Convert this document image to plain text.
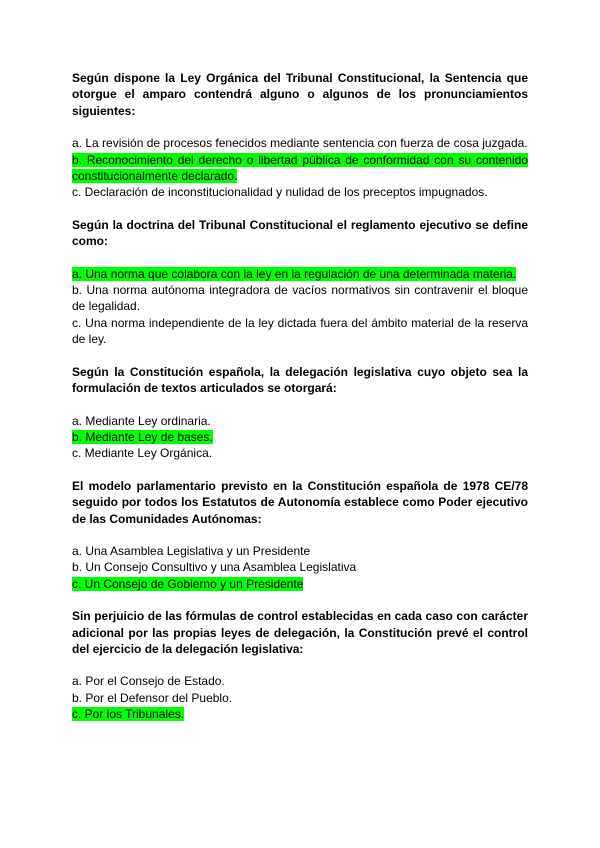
Según dispone la Ley Orgánica del Tribunal Constitucional, la Sentencia que otorgue el amparo contendrá alguno o algunos de los pronunciamientos siguientes:

a. La revisión de procesos fenecidos mediante sentencia con fuerza de cosa juzgada.

b. Reconocimiento del derecho o libertad pública de conformidad con su contenido constitucionalmente declarado.

c. Declaración de inconstitucionalidad y nulidad de los preceptos impugnados.

Según la doctrina del Tribunal Constitucional el reglamento ejecutivo se define como:

a. Una norma que colabora con la ley en la regulación de una determinada materia.

b. Una norma autónoma integradora de vacíos normativos sin contravenir el bloque de legalidad.

c. Una norma independiente de la ley dictada fuera del ámbito material de la reserva de ley.

Según la Constitución española, la delegación legislativa cuyo objeto sea la formulación de textos articulados se otorgará:

a. Mediante Ley ordinaria.

b. Mediante Ley de bases.

c. Mediante Ley Orgánica.

El modelo parlamentario previsto en la Constitución española de 1978 CE/78 seguido por todos los Estatutos de Autonomía establece como Poder ejecutivo de las Comunidades Autónomas:

a. Una Asamblea Legislativa y un Presidente

b. Un Consejo Consultivo y una Asamblea Legislativa

c. Un Consejo de Gobierno y un Presidente

Sin perjuicio de las fórmulas de control establecidas en cada caso con carácter adicional por las propias leyes de delegación, la Constitución prevé el control del ejercicio de la delegación legislativa:

a. Por el Consejo de Estado.

b. Por el Defensor del Pueblo.

c. Por los Tribunales.
